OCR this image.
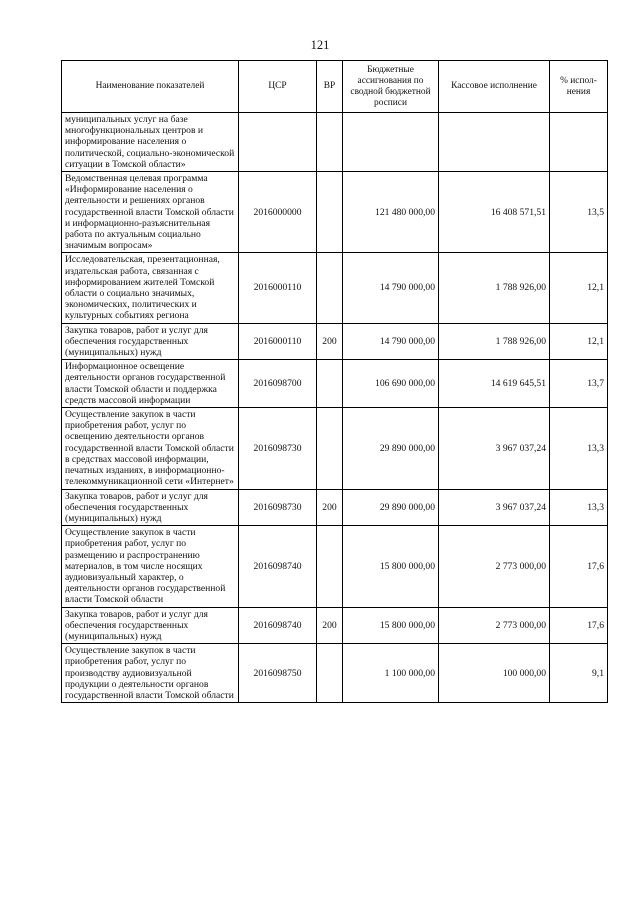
121
Наименование показателей	ЦСР	ВР	Бюджетные ассигнования по сводной бюджетной росписи	Кассовое исполнение	% испол-нения
муниципальных услуг на базе многофункциональных центров и информирование населения о политической, социально-экономической ситуации в Томской области»					
Ведомственная целевая программа «Информирование населения о деятельности и решениях органов государственной власти Томской области и информационно-разъяснительная работа по актуальным социально значимым вопросам»	2016000000		121 480 000,00	16 408 571,51	13,5
Исследовательская, презентационная, издательская работа, связанная с информированием жителей Томской области о социально значимых, экономических, политических и культурных событиях региона	2016000110		14 790 000,00	1 788 926,00	12,1
Закупка товаров, работ и услуг для обеспечения государственных (муниципальных) нужд	2016000110	200	14 790 000,00	1 788 926,00	12,1
Информационное освещение деятельности органов государственной власти Томской области и поддержка средств массовой информации	2016098700		106 690 000,00	14 619 645,51	13,7
Осуществление закупок в части приобретения работ, услуг по освещению деятельности органов государственной власти Томской области в средствах массовой информации, печатных изданиях, в информационно-телекоммуникационной сети «Интернет»	2016098730		29 890 000,00	3 967 037,24	13,3
Закупка товаров, работ и услуг для обеспечения государственных (муниципальных) нужд	2016098730	200	29 890 000,00	3 967 037,24	13,3
Осуществление закупок в части приобретения работ, услуг по размещению и распространению материалов, в том числе носящих аудиовизуальный характер, о деятельности органов государственной власти Томской области	2016098740		15 800 000,00	2 773 000,00	17,6
Закупка товаров, работ и услуг для обеспечения государственных (муниципальных) нужд	2016098740	200	15 800 000,00	2 773 000,00	17,6
Осуществление закупок в части приобретения работ, услуг по производству аудиовизуальной продукции о деятельности органов государственной власти Томской области	2016098750		1 100 000,00	100 000,00	9,1
